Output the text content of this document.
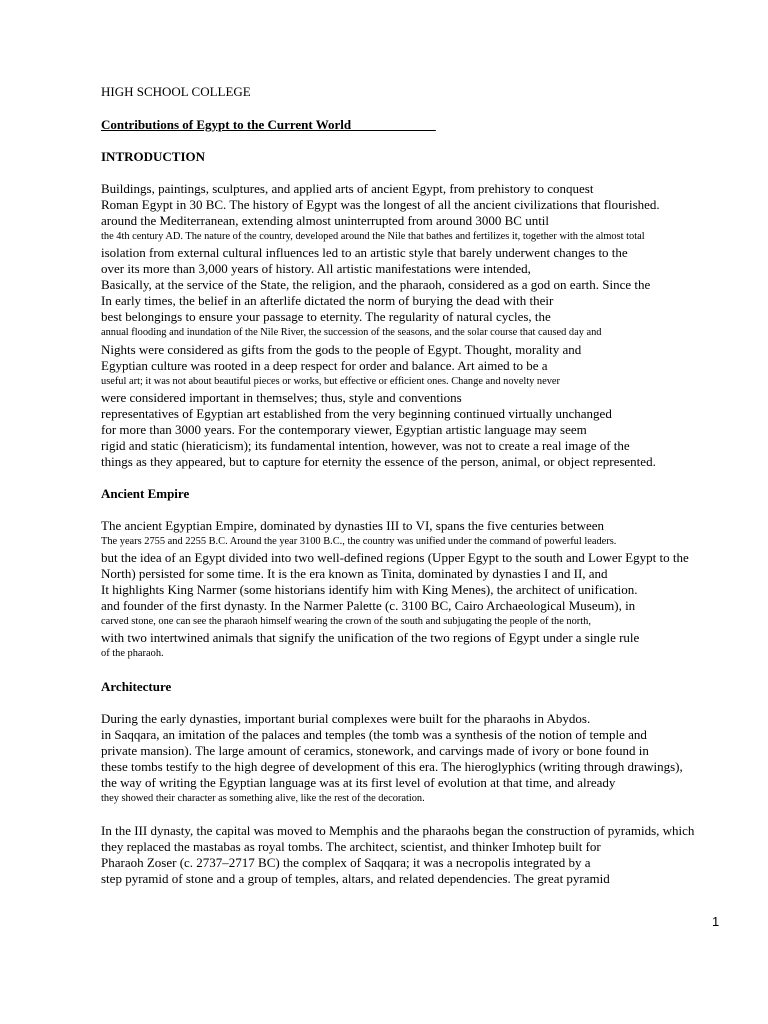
HIGH SCHOOL COLLEGE

Contributions of Egypt to the Current World_____________

INTRODUCTION

Buildings, paintings, sculptures, and applied arts of ancient Egypt, from prehistory to conquest

Roman Egypt in 30 BC. The history of Egypt was the longest of all the ancient civilizations that flourished.

around the Mediterranean, extending almost uninterrupted from around 3000 BC until

the 4th century AD. The nature of the country, developed around the Nile that bathes and fertilizes it, together with the almost total

isolation from external cultural influences led to an artistic style that barely underwent changes to the

over its more than 3,000 years of history. All artistic manifestations were intended,

Basically, at the service of the State, the religion, and the pharaoh, considered as a god on earth. Since the

In early times, the belief in an afterlife dictated the norm of burying the dead with their

best belongings to ensure your passage to eternity. The regularity of natural cycles, the

annual flooding and inundation of the Nile River, the succession of the seasons, and the solar course that caused day and

Nights were considered as gifts from the gods to the people of Egypt. Thought, morality and

Egyptian culture was rooted in a deep respect for order and balance. Art aimed to be a

useful art; it was not about beautiful pieces or works, but effective or efficient ones. Change and novelty never

were considered important in themselves; thus, style and conventions

representatives of Egyptian art established from the very beginning continued virtually unchanged

for more than 3000 years. For the contemporary viewer, Egyptian artistic language may seem

rigid and static (hieraticism); its fundamental intention, however, was not to create a real image of the

things as they appeared, but to capture for eternity the essence of the person, animal, or object represented.

Ancient Empire

The ancient Egyptian Empire, dominated by dynasties III to VI, spans the five centuries between

The years 2755 and 2255 B.C. Around the year 3100 B.C., the country was unified under the command of powerful leaders.

but the idea of an Egypt divided into two well-defined regions (Upper Egypt to the south and Lower Egypt to the

North) persisted for some time. It is the era known as Tinita, dominated by dynasties I and II, and

It highlights King Narmer (some historians identify him with King Menes), the architect of unification.

and founder of the first dynasty. In the Narmer Palette (c. 3100 BC, Cairo Archaeological Museum), in

carved stone, one can see the pharaoh himself wearing the crown of the south and subjugating the people of the north,

with two intertwined animals that signify the unification of the two regions of Egypt under a single rule

of the pharaoh.

Architecture

During the early dynasties, important burial complexes were built for the pharaohs in Abydos.

in Saqqara, an imitation of the palaces and temples (the tomb was a synthesis of the notion of temple and

private mansion). The large amount of ceramics, stonework, and carvings made of ivory or bone found in

these tombs testify to the high degree of development of this era. The hieroglyphics (writing through drawings),

the way of writing the Egyptian language was at its first level of evolution at that time, and already

they showed their character as something alive, like the rest of the decoration.

In the III dynasty, the capital was moved to Memphis and the pharaohs began the construction of pyramids, which

they replaced the mastabas as royal tombs. The architect, scientist, and thinker Imhotep built for

Pharaoh Zoser (c. 2737–2717 BC) the complex of Saqqara; it was a necropolis integrated by a

step pyramid of stone and a group of temples, altars, and related dependencies. The great pyramid

1
